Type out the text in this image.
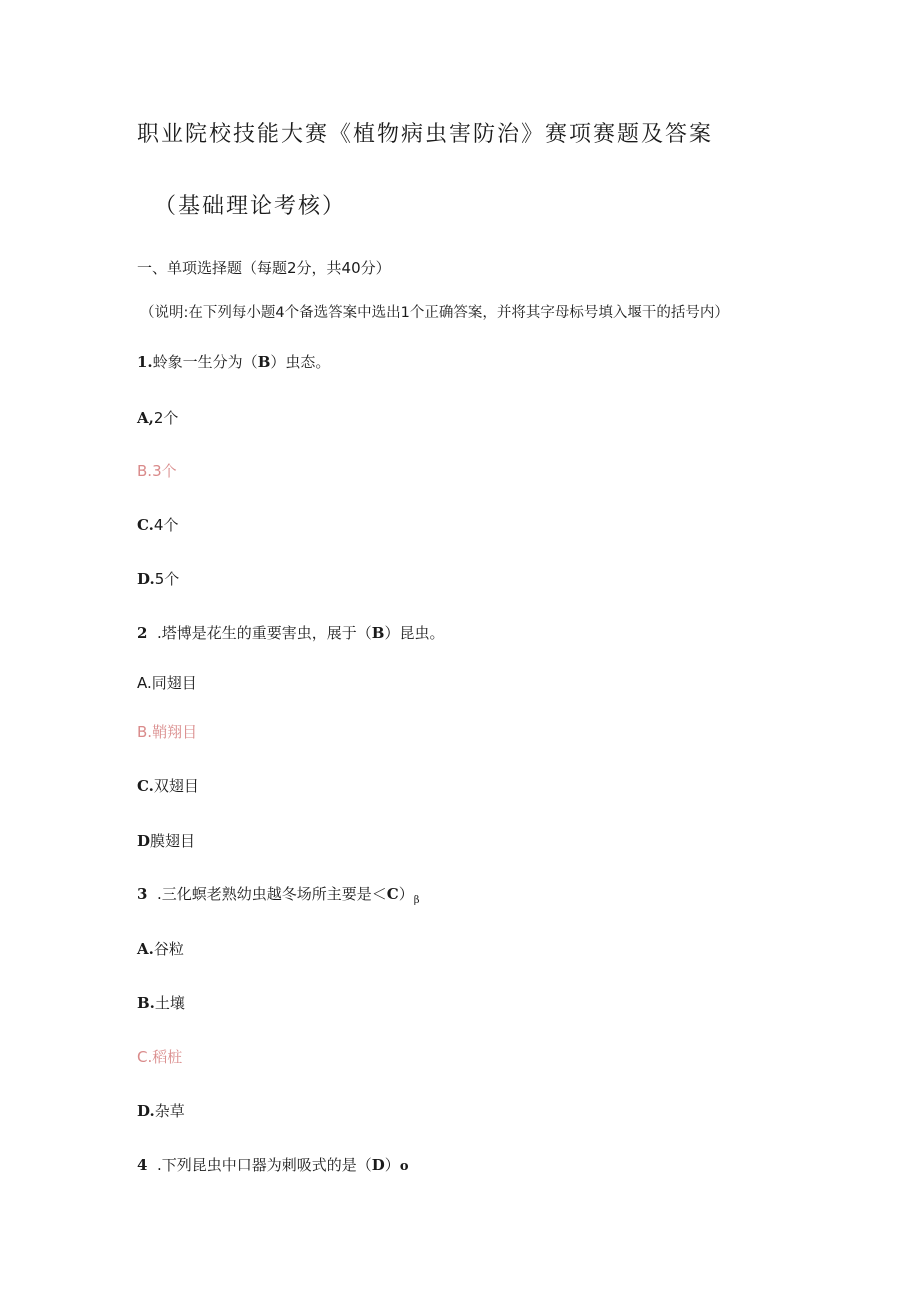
职业院校技能大赛《植物病虫害防治》赛项赛题及答案
（基础理论考核）
一、单项选择题（每题2分，共40分）
（说明:在下列每小题4个备选答案中选出1个正确答案，并将其字母标号填入堰干的括号内）
1.蛉象一生分为（B）虫态。
A,2个
B.3个
C.4个
D.5个
2 .塔博是花生的重要害虫，展于（B）昆虫。
A.同翅目
B.鞘翔目
C.双翅目
D膜翅目
3 .三化螟老熟幼虫越冬场所主要是$<C)_\beta$
A.谷粒
B.土壤
C.稻桩
D.杂草
4 .下列昆虫中口器为刺吸式的是（D）o
